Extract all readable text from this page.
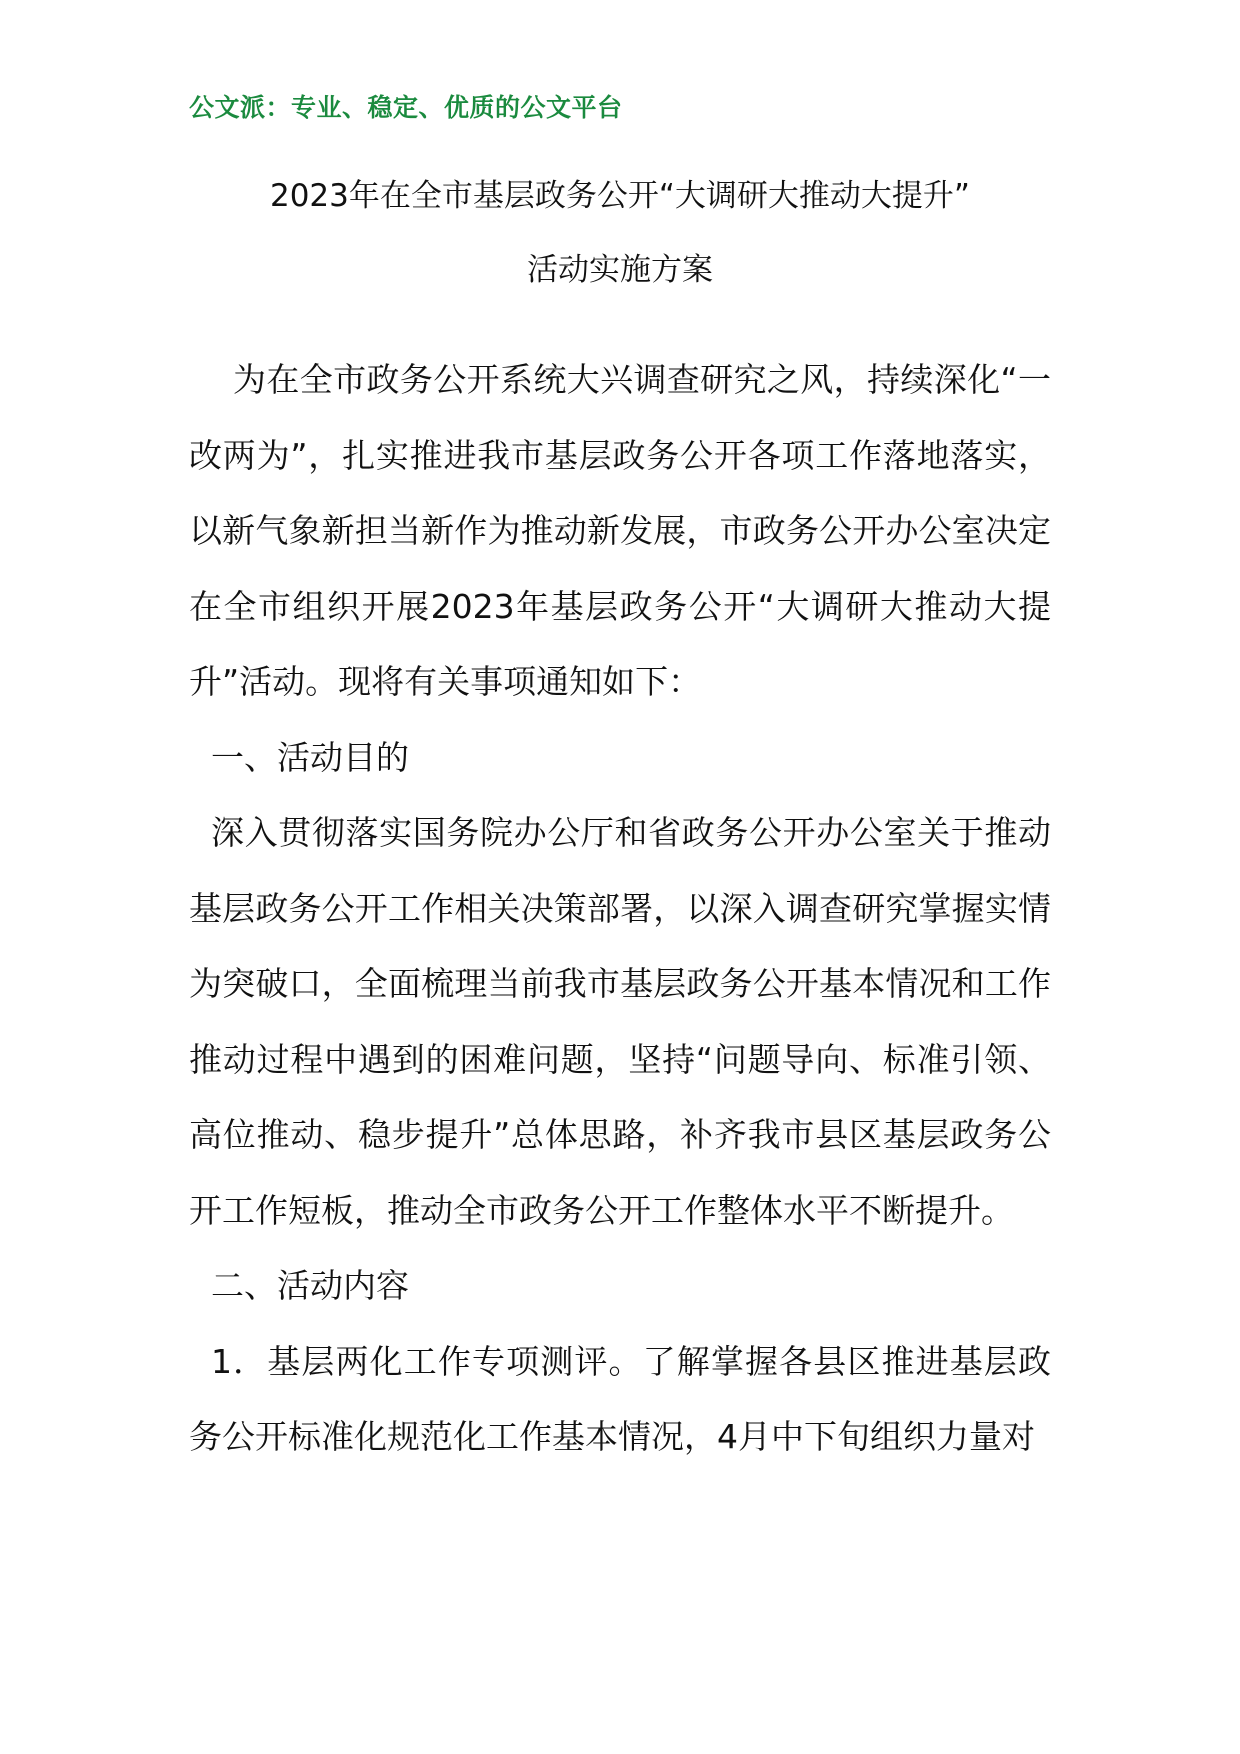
公文派：专业、稳定、优质的公文平台
2023年在全市基层政务公开“大调研大推动大提升”
活动实施方案

为在全市政务公开系统大兴调查研究之风，持续深化“一改两为”，扎实推进我市基层政务公开各项工作落地落实，以新气象新担当新作为推动新发展，市政务公开办公室决定在全市组织开展2023年基层政务公开“大调研大推动大提升”活动。现将有关事项通知如下：

一、活动目的

深入贯彻落实国务院办公厅和省政务公开办公室关于推动基层政务公开工作相关决策部署，以深入调查研究掌握实情为突破口，全面梳理当前我市基层政务公开基本情况和工作推动过程中遇到的困难问题，坚持“问题导向、标准引领、高位推动、稳步提升”总体思路，补齐我市县区基层政务公开工作短板，推动全市政务公开工作整体水平不断提升。

二、活动内容

1．基层两化工作专项测评。了解掌握各县区推进基层政务公开标准化规范化工作基本情况，4月中下旬组织力量对
